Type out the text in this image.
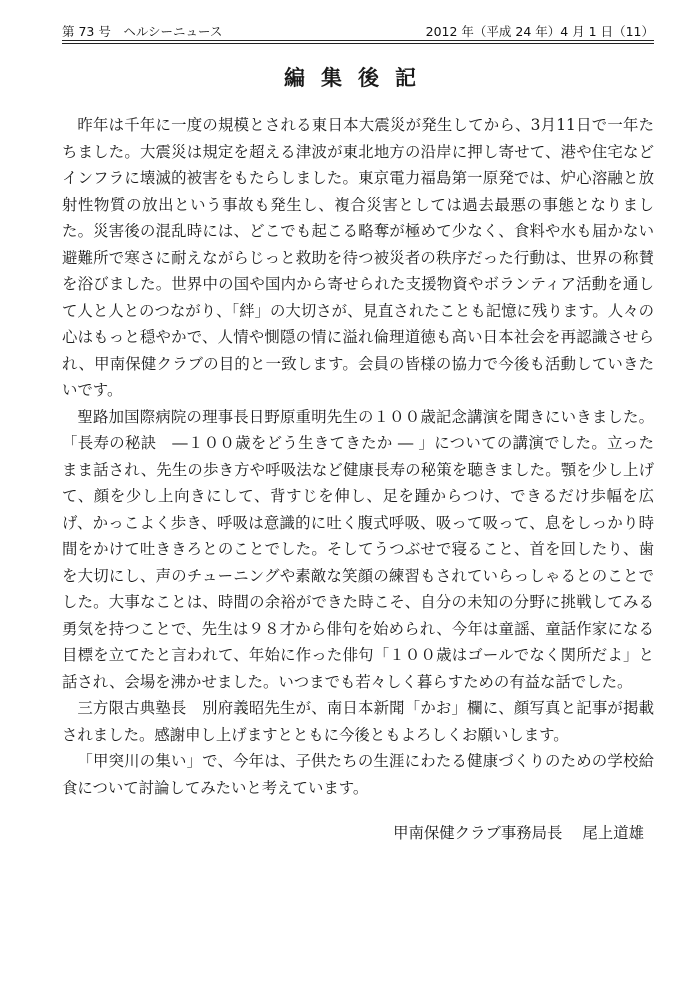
第 73 号　ヘルシーニュース	2012 年（平成 24 年）4 月 1 日（11）
編集後記

昨年は千年に一度の規模とされる東日本大震災が発生してから、3月11日で一年たちました。大震災は規定を超える津波が東北地方の沿岸に押し寄せて、港や住宅などインフラに壊滅的被害をもたらしました。東京電力福島第一原発では、炉心溶融と放射性物質の放出という事故も発生し、複合災害としては過去最悪の事態となりました。災害後の混乱時には、どこでも起こる略奪が極めて少なく、食料や水も届かない避難所で寒さに耐えながらじっと救助を待つ被災者の秩序だった行動は、世界の称賛を浴びました。世界中の国や国内から寄せられた支援物資やボランティア活動を通して人と人とのつながり、「絆」の大切さが、見直されたことも記憶に残ります。人々の心はもっと穏やかで、人情や惻隠の情に溢れ倫理道徳も高い日本社会を再認識させられ、甲南保健クラブの目的と一致します。会員の皆様の協力で今後も活動していきたいです。

聖路加国際病院の理事長日野原重明先生の１００歳記念講演を聞きにいきました。「長寿の秘訣　―１００歳をどう生きてきたか ― 」についての講演でした。立ったまま話され、先生の歩き方や呼吸法など健康長寿の秘策を聴きました。顎を少し上げて、顔を少し上向きにして、背すじを伸し、足を踵からつけ、できるだけ歩幅を広げ、かっこよく歩き、呼吸は意識的に吐く腹式呼吸、吸って吸って、息をしっかり時間をかけて吐ききろとのことでした。そしてうつぶせで寝ること、首を回したり、歯を大切にし、声のチューニングや素敵な笑顔の練習もされていらっしゃるとのことでした。大事なことは、時間の余裕ができた時こそ、自分の未知の分野に挑戦してみる勇気を持つことで、先生は９８才から俳句を始められ、今年は童謡、童話作家になる目標を立てたと言われて、年始に作った俳句「１００歳はゴールでなく関所だよ」と話され、会場を沸かせました。いつまでも若々しく暮らすための有益な話でした。

三方限古典塾長　別府義昭先生が、南日本新聞「かお」欄に、顔写真と記事が掲載されました。感謝申し上げますとともに今後ともよろしくお願いします。

「甲突川の集い」で、今年は、子供たちの生涯にわたる健康づくりのための学校給食について討論してみたいと考えています。

甲南保健クラブ事務局長 尾上道雄
